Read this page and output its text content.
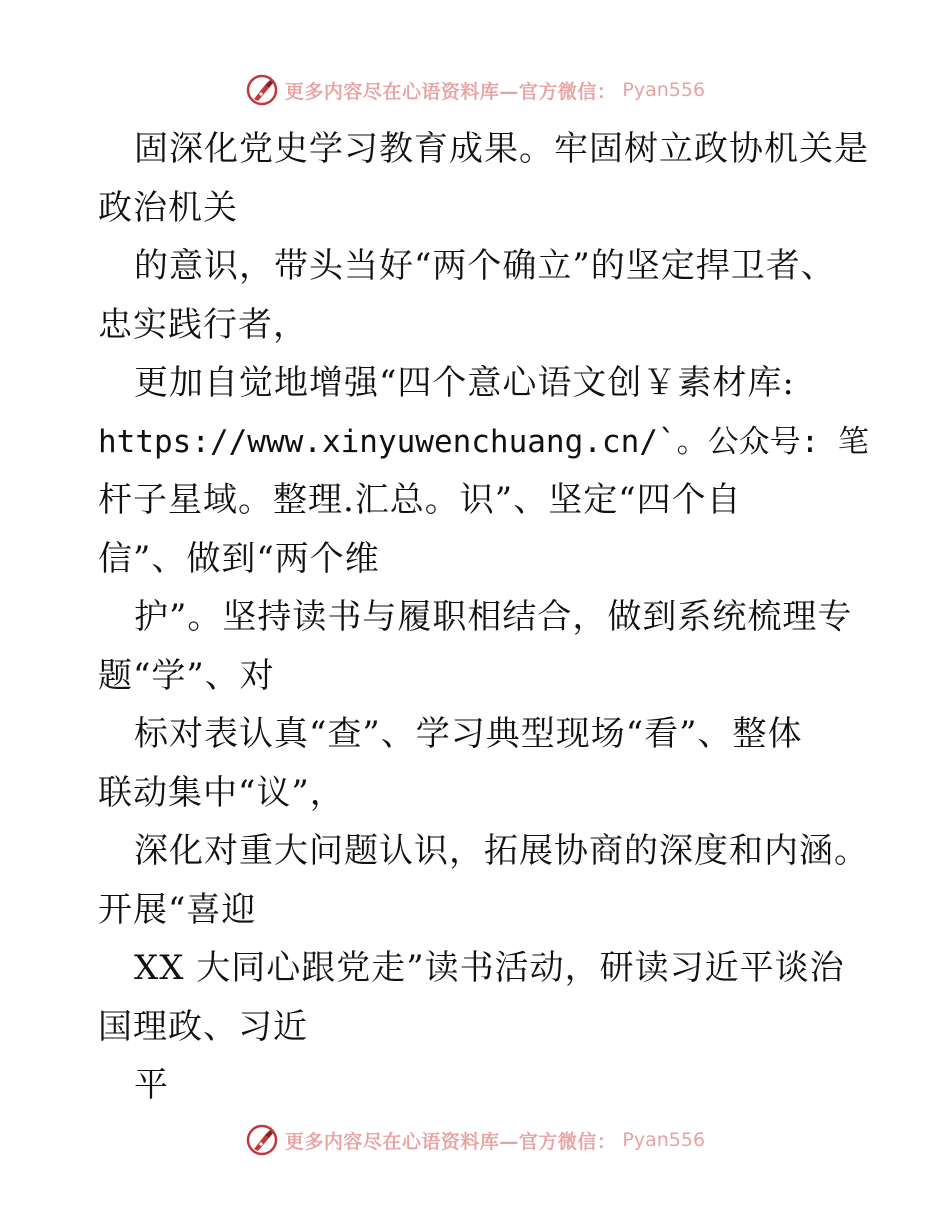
更多内容尽在心语资料库—官方微信： Pyan556
固深化党史学习教育成果。牢固树立政协机关是
政治机关
的意识，带头当好“两个确立”的坚定捍卫者、
忠实践行者，
更加自觉地增强“四个意心语文创￥素材库:
https://www.xinyuwenchuang.cn/`。公众号: 笔
杆子星域。整理.汇总。识”、坚定“四个自
信”、做到“两个维
护”。坚持读书与履职相结合，做到系统梳理专
题“学”、对
标对表认真“查”、学习典型现场“看”、整体
联动集中“议”，
深化对重大问题认识，拓展协商的深度和内涵。
开展“喜迎
XX 大同心跟党走”读书活动，研读习近平谈治
国理政、习近
平
更多内容尽在心语资料库—官方微信： Pyan556
